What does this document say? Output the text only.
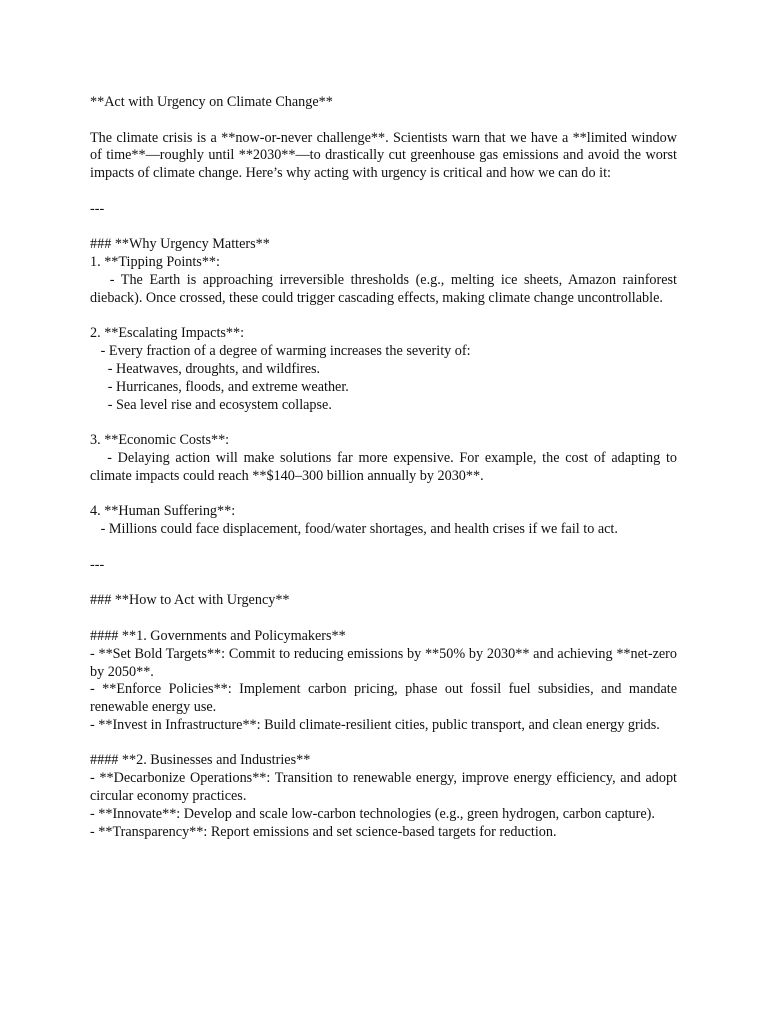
**Act with Urgency on Climate Change**
The climate crisis is a **now-or-never challenge**. Scientists warn that we have a **limited window of time**—roughly until **2030**—to drastically cut greenhouse gas emissions and avoid the worst impacts of climate change. Here’s why acting with urgency is critical and how we can do it:
---
### **Why Urgency Matters**
1. **Tipping Points**:
- The Earth is approaching irreversible thresholds (e.g., melting ice sheets, Amazon rainforest dieback). Once crossed, these could trigger cascading effects, making climate change uncontrollable.
2. **Escalating Impacts**:
- Every fraction of a degree of warming increases the severity of:
- Heatwaves, droughts, and wildfires.
- Hurricanes, floods, and extreme weather.
- Sea level rise and ecosystem collapse.
3. **Economic Costs**:
- Delaying action will make solutions far more expensive. For example, the cost of adapting to climate impacts could reach **$140–300 billion annually by 2030**.
4. **Human Suffering**:
- Millions could face displacement, food/water shortages, and health crises if we fail to act.
---
### **How to Act with Urgency**
#### **1. Governments and Policymakers**
- **Set Bold Targets**: Commit to reducing emissions by **50% by 2030** and achieving **net-zero by 2050**.
- **Enforce Policies**: Implement carbon pricing, phase out fossil fuel subsidies, and mandate renewable energy use.
- **Invest in Infrastructure**: Build climate-resilient cities, public transport, and clean energy grids.
#### **2. Businesses and Industries**
- **Decarbonize Operations**: Transition to renewable energy, improve energy efficiency, and adopt circular economy practices.
- **Innovate**: Develop and scale low-carbon technologies (e.g., green hydrogen, carbon capture).
- **Transparency**: Report emissions and set science-based targets for reduction.
